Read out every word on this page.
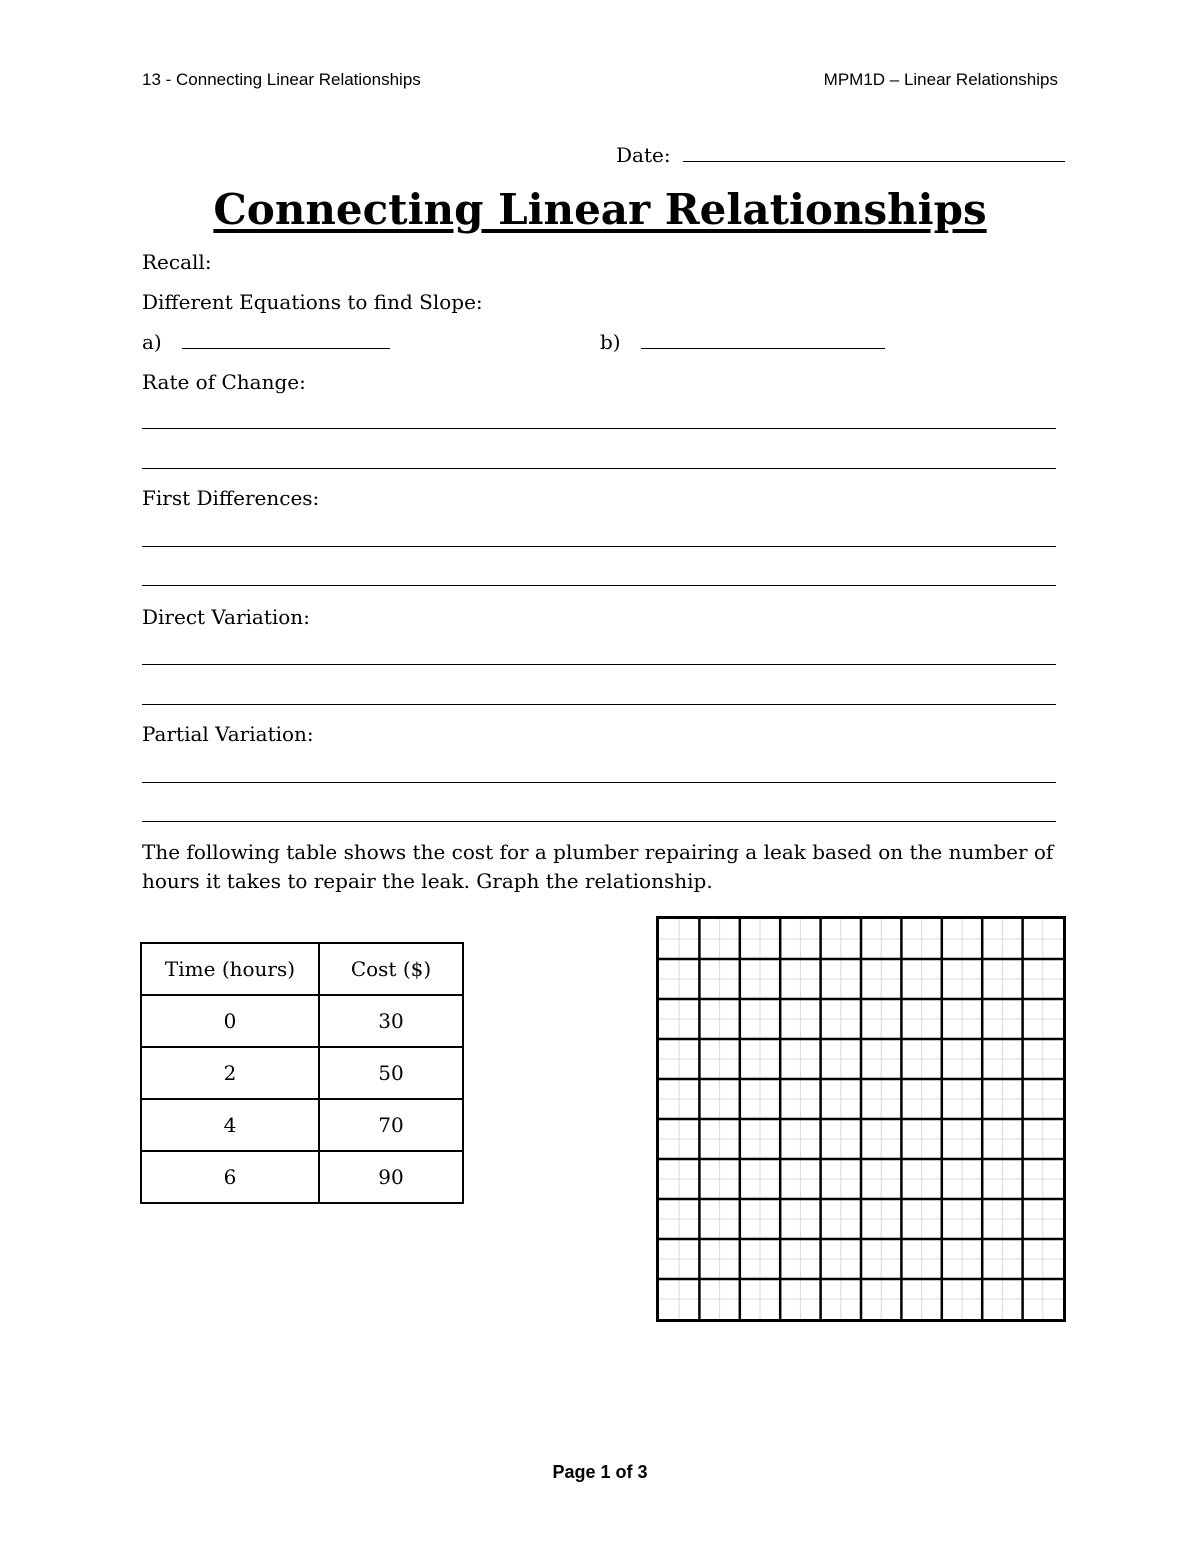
13 - Connecting Linear Relationships	MPM1D – Linear Relationships
Date:
Connecting Linear Relationships
Recall:
Different Equations to find Slope:
a)	b)
Rate of Change:
First Differences:
Direct Variation:
Partial Variation:
The following table shows the cost for a plumber repairing a leak based on the number of hours it takes to repair the leak. Graph the relationship.
Time (hours)	Cost ($)
0	30
2	50
4	70
6	90
Page 1 of 3
